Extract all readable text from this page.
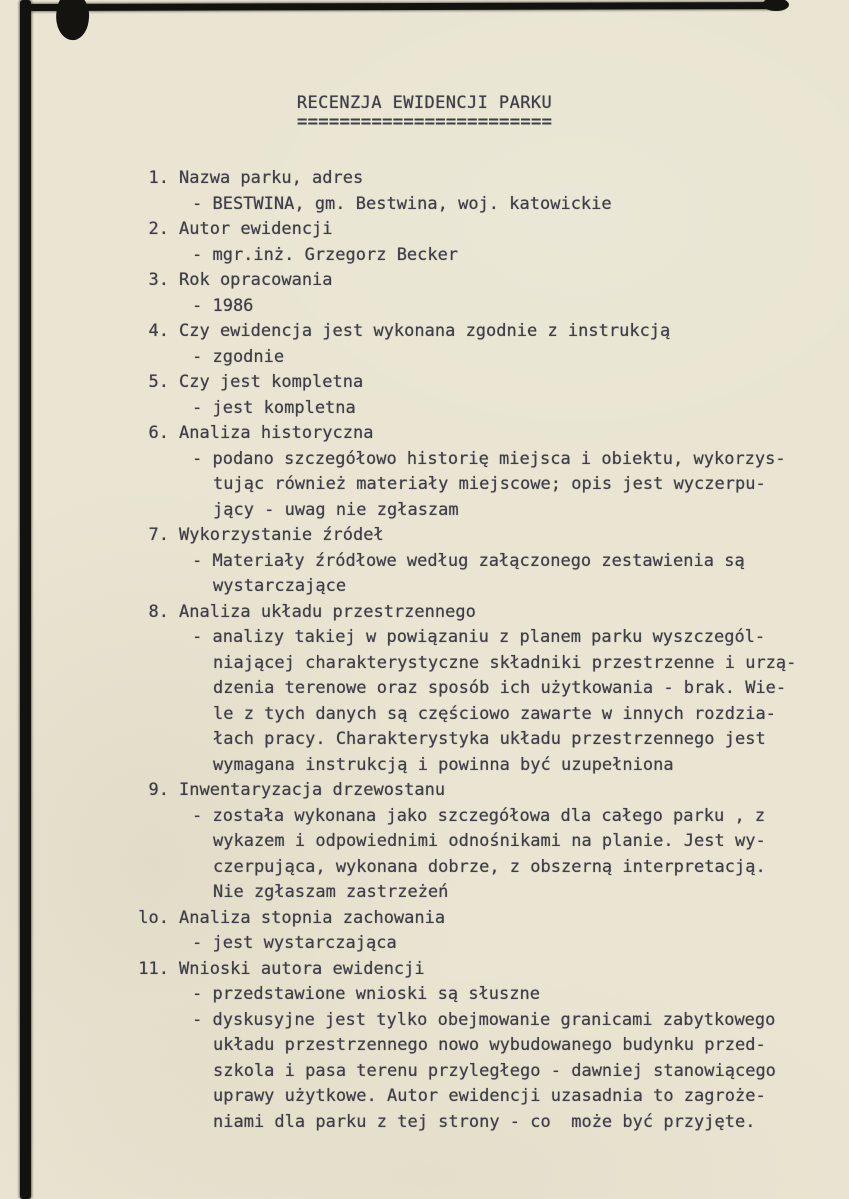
RECENZJA EWIDENCJI PARKU
========================
1. Nazwa parku, adres
- BESTWINA, gm. Bestwina, woj. katowickie
2. Autor ewidencji
- mgr.inż. Grzegorz Becker
3. Rok opracowania
- 1986
4. Czy ewidencja jest wykonana zgodnie z instrukcją
- zgodnie
5. Czy jest kompletna
- jest kompletna
6. Analiza historyczna
- podano szczegółowo historię miejsca i obiektu, wykorzys-
tując również materiały miejscowe; opis jest wyczerpu-
jący - uwag nie zgłaszam
7. Wykorzystanie źródeł
- Materiały źródłowe według załączonego zestawienia są
wystarczające
8. Analiza układu przestrzennego
- analizy takiej w powiązaniu z planem parku wyszczegól-
niającej charakterystyczne składniki przestrzenne i urzą-
dzenia terenowe oraz sposób ich użytkowania - brak. Wie-
le z tych danych są częściowo zawarte w innych rozdzia-
łach pracy. Charakterystyka układu przestrzennego jest
wymagana instrukcją i powinna być uzupełniona
9. Inwentaryzacja drzewostanu
- została wykonana jako szczegółowa dla całego parku , z
wykazem i odpowiednimi odnośnikami na planie. Jest wy-
czerpująca, wykonana dobrze, z obszerną interpretacją.
Nie zgłaszam zastrzeżeń
lo. Analiza stopnia zachowania
- jest wystarczająca
11. Wnioski autora ewidencji
- przedstawione wnioski są słuszne
- dyskusyjne jest tylko obejmowanie granicami zabytkowego
układu przestrzennego nowo wybudowanego budynku przed-
szkola i pasa terenu przyległego - dawniej stanowiącego
uprawy użytkowe. Autor ewidencji uzasadnia to zagroże-
niami dla parku z tej strony - co  może być przyjęte.
